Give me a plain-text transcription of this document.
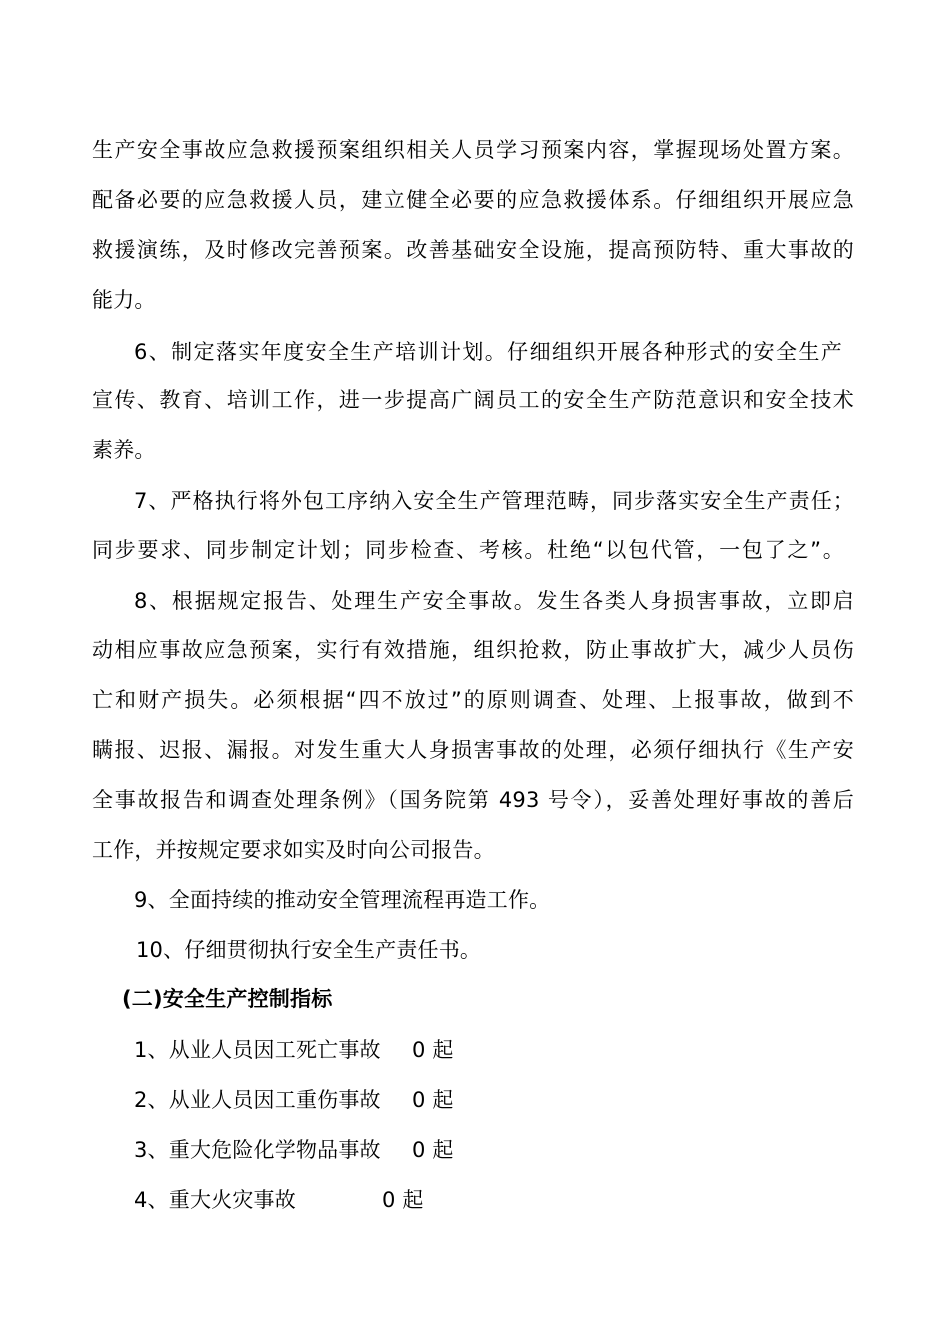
生产安全事故应急救援预案组织相关人员学习预案内容，掌握现场处置方案。
配备必要的应急救援人员，建立健全必要的应急救援体系。仔细组织开展应急
救援演练，及时修改完善预案。改善基础安全设施，提高预防特、重大事故的
能力。
6、制定落实年度安全生产培训计划。仔细组织开展各种形式的安全生产
宣传、教育、培训工作，进一步提高广阔员工的安全生产防范意识和安全技术
素养。
7、严格执行将外包工序纳入安全生产管理范畴，同步落实安全生产责任；
同步要求、同步制定计划；同步检查、考核。杜绝“以包代管，一包了之”。
8、根据规定报告、处理生产安全事故。发生各类人身损害事故，立即启
动相应事故应急预案，实行有效措施，组织抢救，防止事故扩大，减少人员伤
亡和财产损失。必须根据“四不放过”的原则调查、处理、上报事故，做到不
瞒报、迟报、漏报。对发生重大人身损害事故的处理，必须仔细执行《生产安
全事故报告和调查处理条例》（国务院第 493 号令），妥善处理好事故的善后
工作，并按规定要求如实及时向公司报告。
9、全面持续的推动安全管理流程再造工作。
10、仔细贯彻执行安全生产责任书。
(二)安全生产控制指标
1、从业人员因工死亡事故 0 起
2、从业人员因工重伤事故 0 起
3、重大危险化学物品事故 0 起
4、重大火灾事故	0 起
